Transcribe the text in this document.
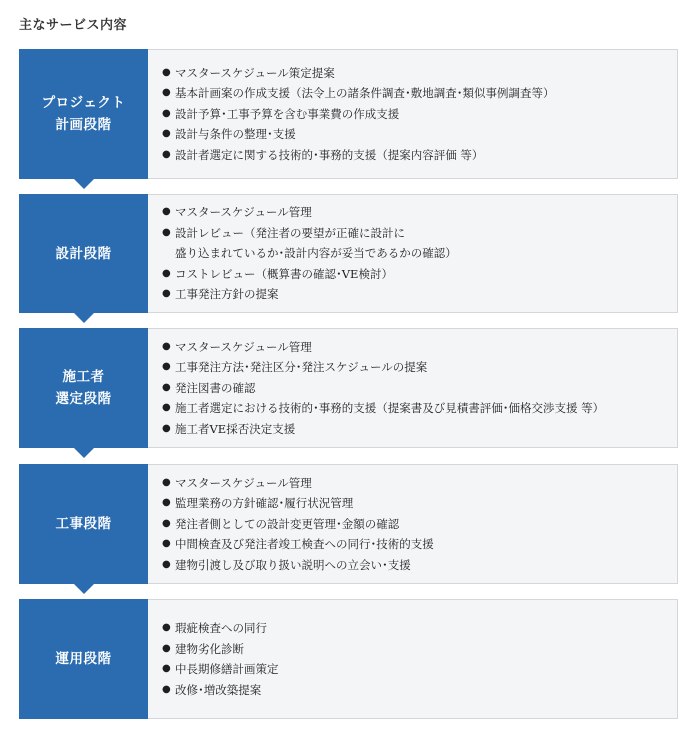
主なサービス内容
プロジェクト
計画段階
● マスタースケジュール策定提案
● 基本計画案の作成支援（法令上の諸条件調査･敷地調査･類似事例調査等）
● 設計予算･工事予算を含む事業費の作成支援
● 設計与条件の整理･支援
● 設計者選定に関する技術的･事務的支援（提案内容評価 等）
設計段階
● マスタースケジュール管理
● 設計レビュー（発注者の要望が正確に設計に
盛り込まれているか･設計内容が妥当であるかの確認）
● コストレビュー（概算書の確認･VE検討）
● 工事発注方針の提案
施工者
選定段階
● マスタースケジュール管理
● 工事発注方法･発注区分･発注スケジュールの提案
● 発注図書の確認
● 施工者選定における技術的･事務的支援（提案書及び見積書評価･価格交渉支援 等）
● 施工者VE採否決定支援
工事段階
● マスタースケジュール管理
● 監理業務の方針確認･履行状況管理
● 発注者側としての設計変更管理･金額の確認
● 中間検査及び発注者竣工検査への同行･技術的支援
● 建物引渡し及び取り扱い説明への立会い･支援
運用段階
● 瑕疵検査への同行
● 建物劣化診断
● 中長期修繕計画策定
● 改修･増改築提案
